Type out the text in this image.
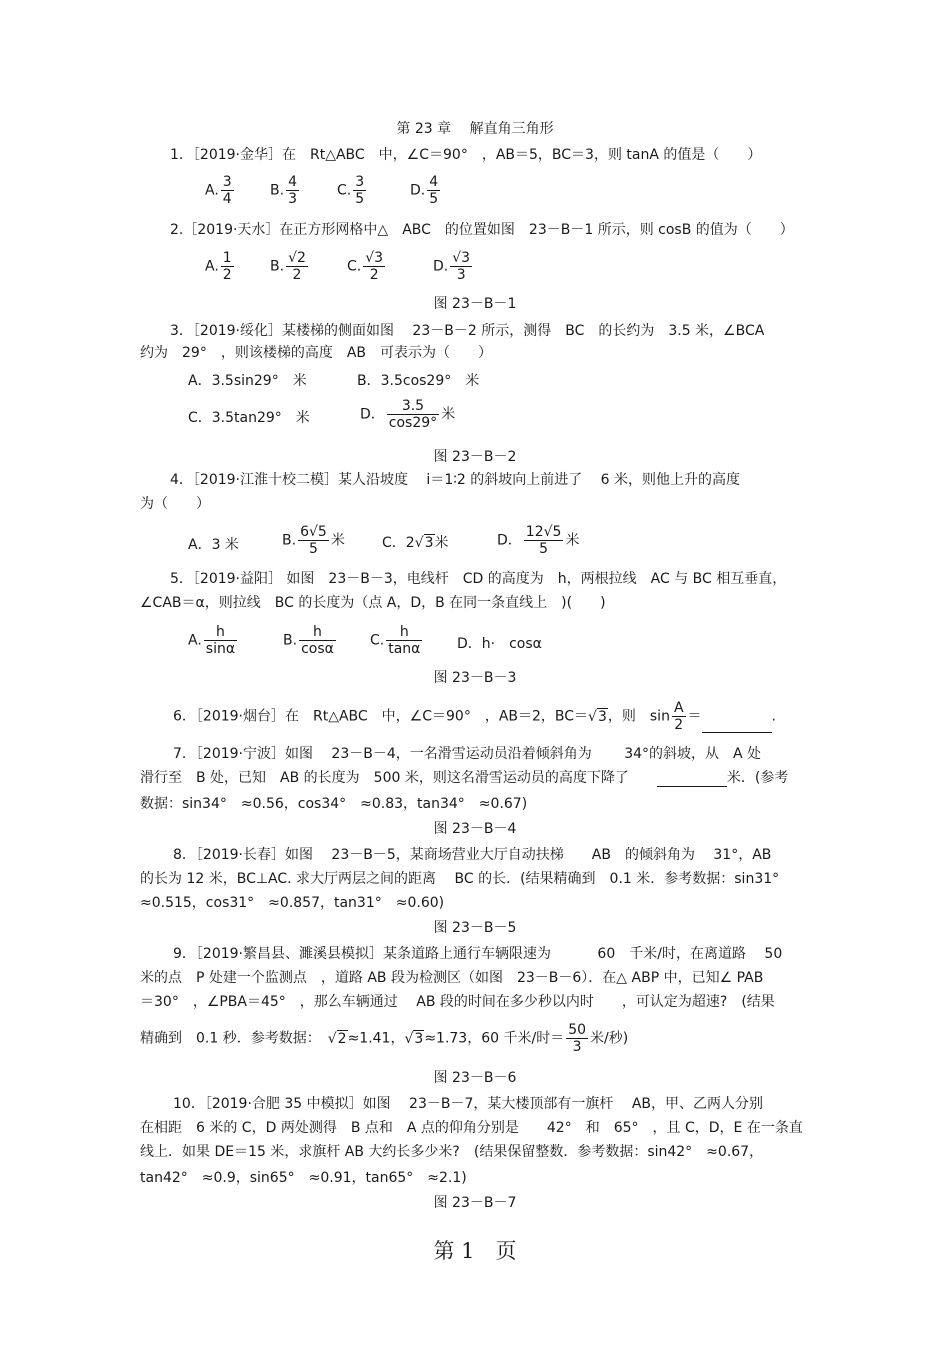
第 23 章　 解直角三角形
1．［2019·金华］在　Rt△ABC　中，∠C＝90°　，AB＝5，BC＝3，则 tanA 的值是（　　）
A. $\frac{3}{4}$	B. $\frac{4}{3}$	C. $\frac{3}{5}$	D. $\frac{4}{5}$
2.［2019·天水］在正方形网格中△　ABC　的位置如图　23－B－1 所示，则 cosB 的值为（　　）
A. $\frac{1}{2}$	B. $\frac{√2}{2}$	C. $\frac{√3}{2}$	D. $\frac{√3}{3}$
图 23－B－1
3．［2019·绥化］某楼梯的侧面如图　 23－B－2 所示，测得　BC　的长约为　3.5 米，∠BCA
约为　29°　，则该楼梯的高度　AB　可表示为（　　）
A．3.5sin29°　米	B．3.5cos29°　米
C．3.5tan29°　米	D． $\frac{3.5}{\cos 29^\circ}$ 米
图 23－B－2
4．［2019·江淮十校二模］某人沿坡度　 i＝1∶2 的斜坡向上前进了　 6 米，则他上升的高度
为（　　）
A．3 米	B. $\frac{6√5}{5}$ 米	C．2√3米	D． $\frac{12√5}{5}$ 米
5．［2019·益阳］ 如图　23－B－3，电线杆　CD 的高度为　h，两根拉线　AC 与 BC 相互垂直，
∠CAB＝α，则拉线　BC 的长度为（点 A，D，B 在同一条直线上　)(　　)
A. $\frac{h}{\sin\alpha}$	B. $\frac{h}{\cos\alpha} C$. $\frac{h}{\tan\alpha}$ D．h·　cosα
图 23－B－3
6．［2019·烟台］在　Rt△ABC　中，∠C＝90°　，AB＝2，BC＝√3，则　$\sin \frac{A}{2}$ ＝	.
7．［2019·宁波］如图　 23－B－4，一名滑雪运动员沿着倾斜角为　　 34°的斜坡，从　A 处
滑行至　B 处，已知　AB 的长度为　500 米，则这名滑雪运动员的高度下降了　　	米．(参考
数据：sin34°　≈0.56，cos34°　≈0.83，tan34°　≈0.67)
图 23－B－4
8．［2019·长春］如图　 23－B－5，某商场营业大厅自动扶梯　　AB　的倾斜角为　 31°，AB
的长为 12 米，BC⊥AC. 求大厅两层之间的距离　 BC 的长．(结果精确到　0.1 米．参考数据：sin31°
≈0.515，cos31°　≈0.857，tan31°　≈0.60)
图 23－B－5
9．［2019·繁昌县、濉溪县模拟］某条道路上通行车辆限速为　　　 60　千米/时，在离道路　 50
米的点　P 处建一个监测点　，道路 AB 段为检测区（如图　23－B－6）．在△ ABP 中，已知∠ PAB
＝30°　，∠PBA＝45°　，那么车辆通过　 AB 段的时间在多少秒以内时　　，可认定为超速?　(结果
精确到　0.1 秒．参考数据：　 √2≈1.41，√3≈1.73，60 千米/时＝ $\frac{50}{3}$ 米/秒)
图 23－B－6
10．［2019·合肥 35 中模拟］如图　 23－B－7，某大楼顶部有一旗杆　 AB，甲、乙两人分别
在相距　6 米的 C，D 两处测得　B 点和　A 点的仰角分别是　　42°　和　65°　，且 C，D，E 在一条直
线上．如果 DE＝15 米，求旗杆 AB 大约长多少米?　(结果保留整数．参考数据：sin42°　≈0.67，
tan42°　≈0.9，sin65°　≈0.91，tan65°　≈2.1)
图 23－B－7
第 1　页
